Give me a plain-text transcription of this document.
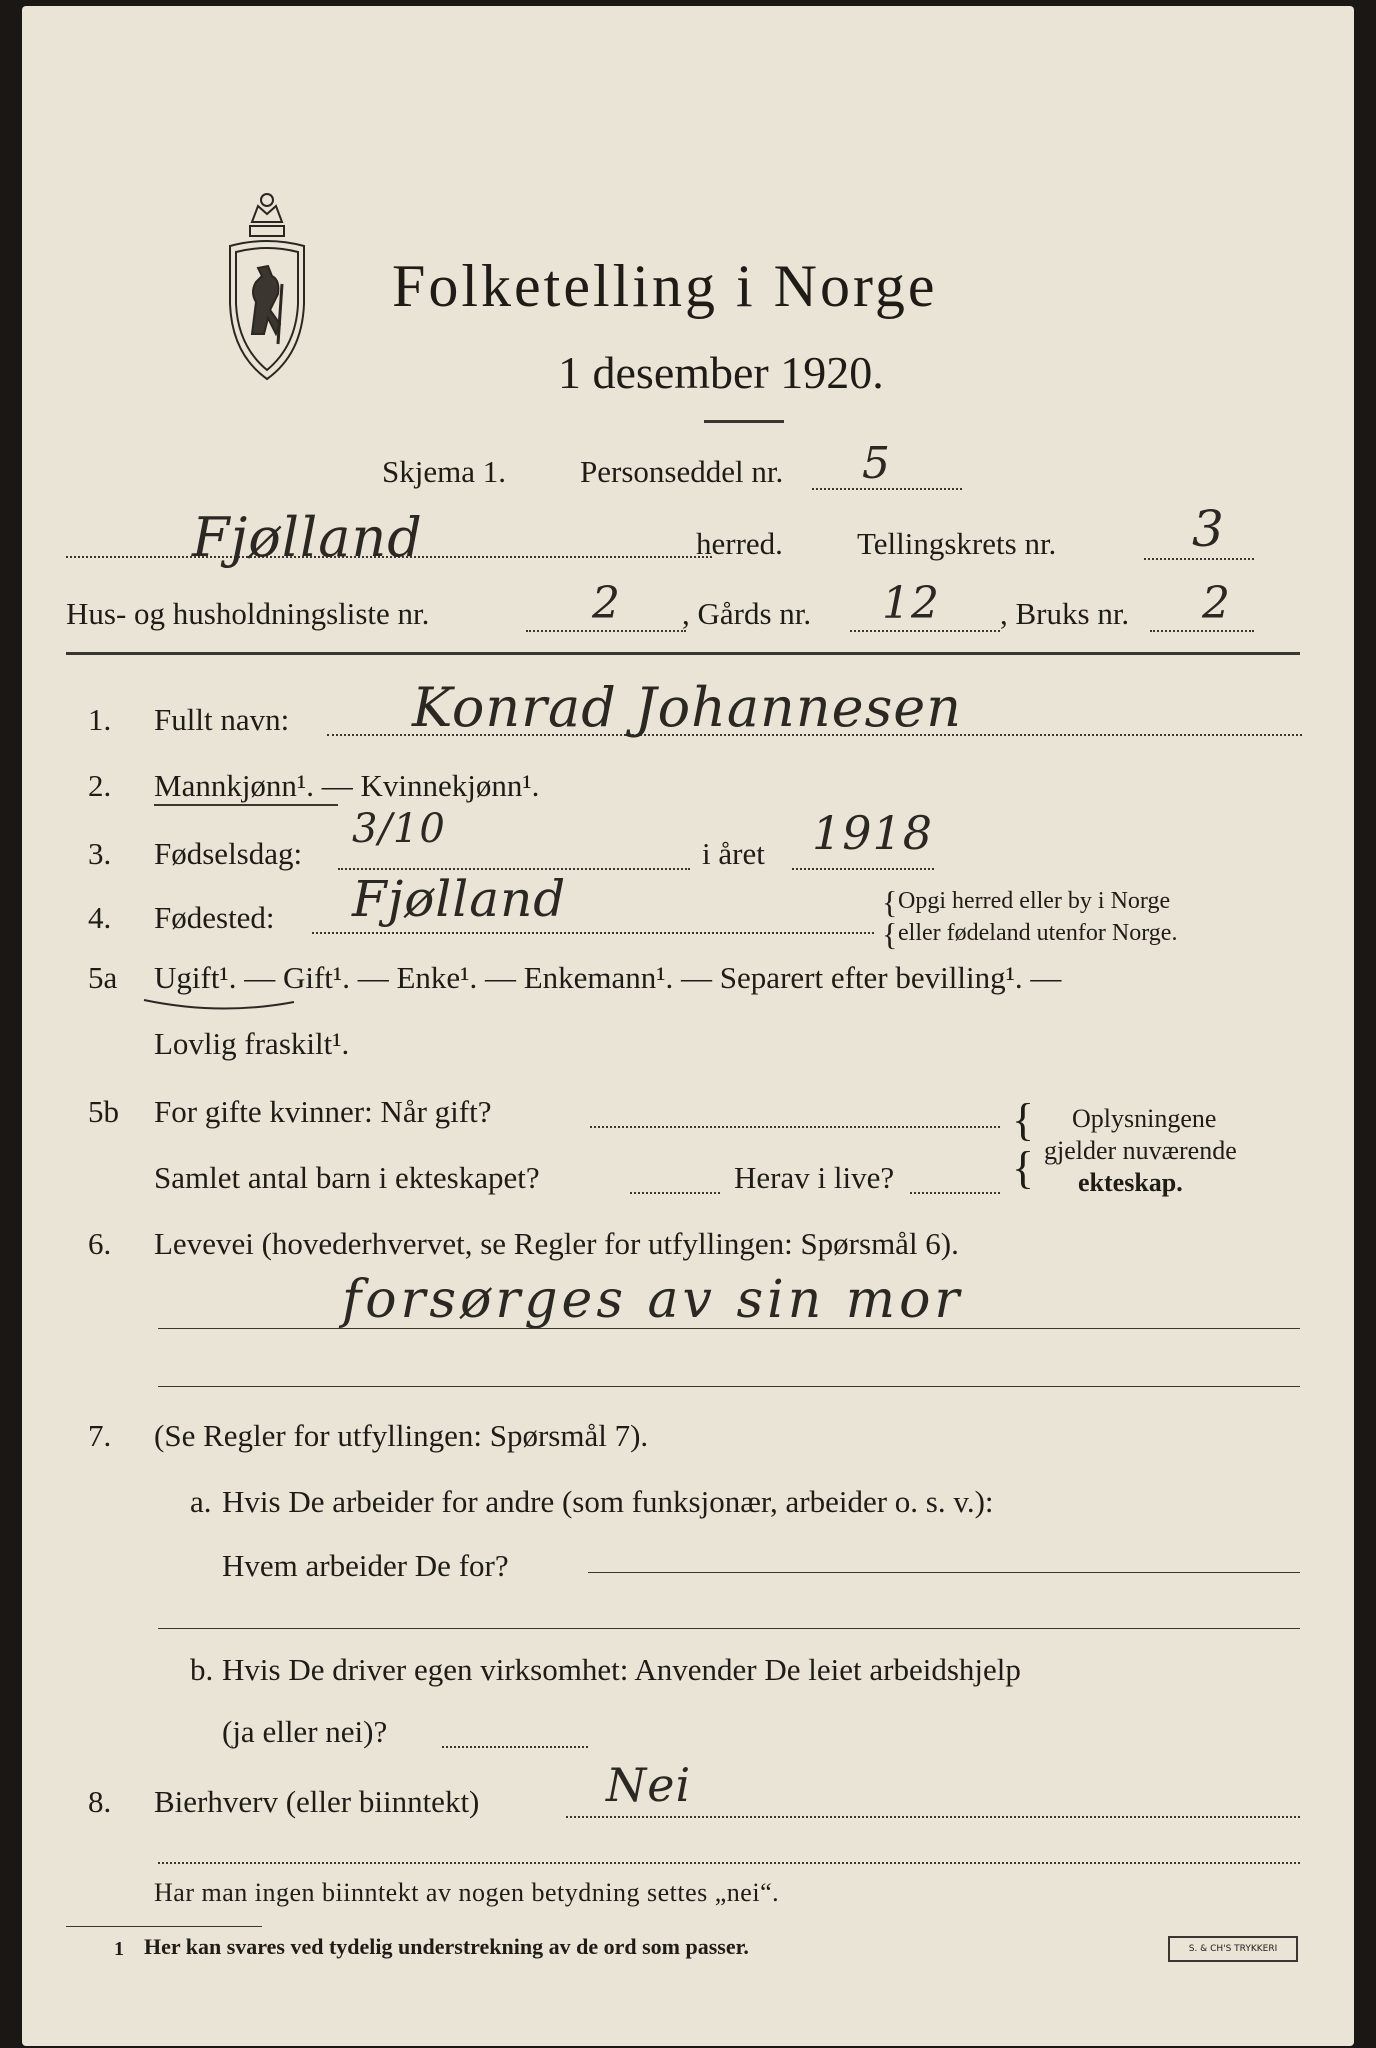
Folketelling i Norge
1 desember 1920.
Skjema 1. Personseddel nr. 5
Fjølland	herred. Tellingskrets nr.	3
Hus- og husholdningsliste nr.	2 , Gårds nr. 12 , Bruks nr. 2
1. Fullt navn: Konrad Johannesen
2. Mannkjønn¹. — Kvinnekjønn¹.
3. Fødselsdag:
3/10
i året 1918
4. Fødested: Fjølland	{
{
Opgi herred eller by i Norge
eller fødeland utenfor Norge.
5a Ugift¹. — Gift¹. — Enke¹. — Enkemann¹. — Separert efter bevilling¹. —
Lovlig fraskilt¹.
5b For gifte kvinner: Når gift?
Samlet antal barn i ekteskapet?	Herav i live?
{
{
Oplysningene
gjelder nuværende
ekteskap.
6. Levevei (hovederhvervet, se Regler for utfyllingen: Spørsmål 6).
forsørges av sin mor
7. (Se Regler for utfyllingen: Spørsmål 7).
a. Hvis De arbeider for andre (som funksjonær, arbeider o. s. v.):
Hvem arbeider De for?
b. Hvis De driver egen virksomhet: Anvender De leiet arbeidshjelp
(ja eller nei)?
8. Bierhverv (eller biinntekt)	Nei
Har man ingen biinntekt av nogen betydning settes „nei“.
1 Her kan svares ved tydelig understrekning av de ord som passer.	S. & CH'S TRYKKERI
